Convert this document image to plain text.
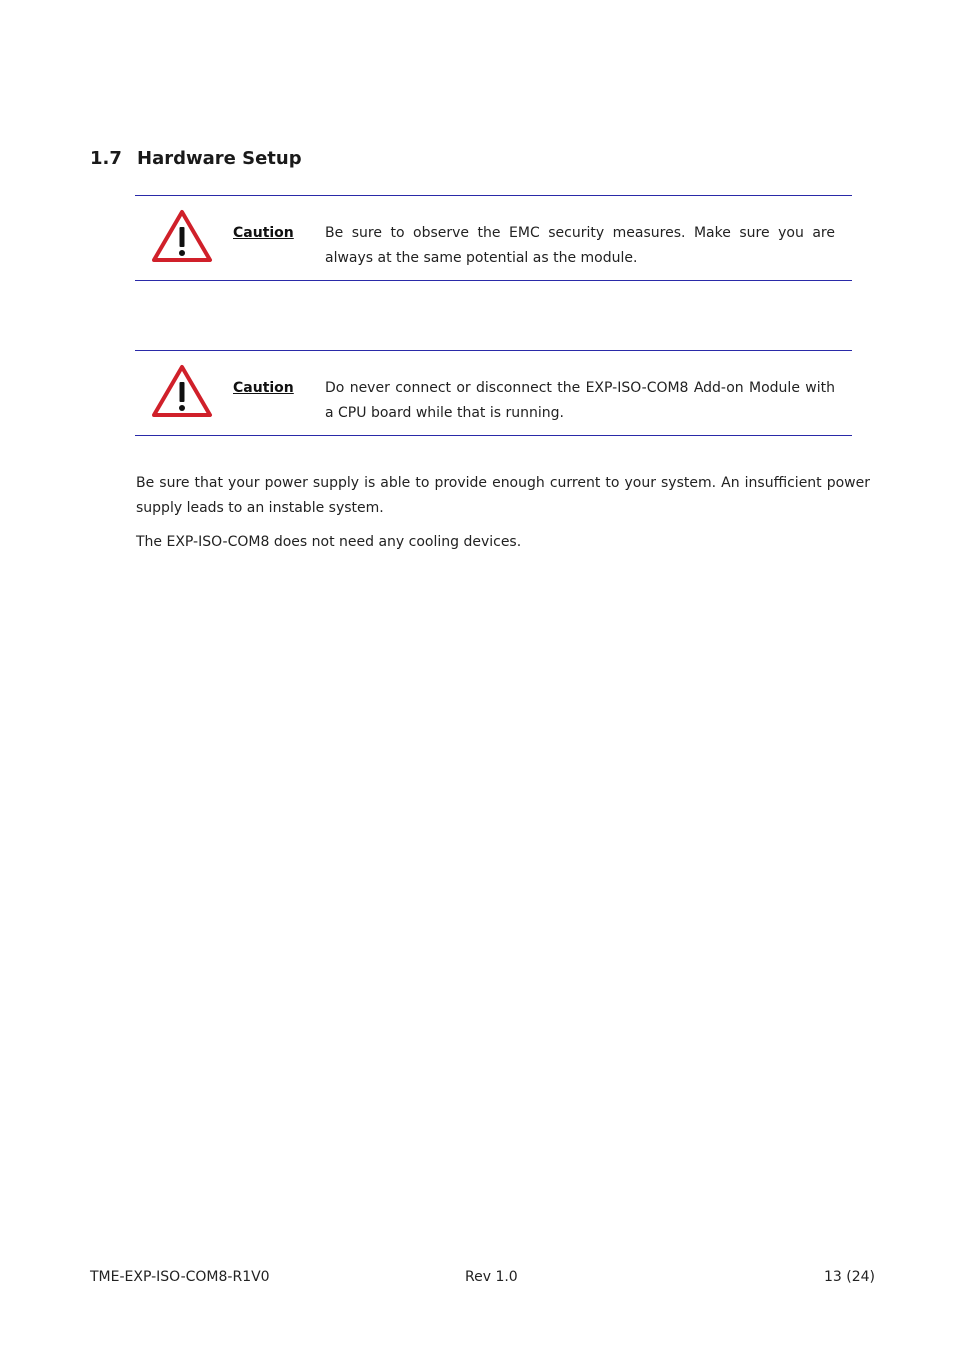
1.7 Hardware Setup
Caution Be sure to observe the EMC security measures. Make sure you are always at the same potential as the module.

Caution Do never connect or disconnect the EXP-ISO-COM8 Add-on Module with a CPU board while that is running.

Be sure that your power supply is able to provide enough current to your system. An insufficient power supply leads to an instable system.

The EXP-ISO-COM8 does not need any cooling devices.

TME-EXP-ISO-COM8-R1V0	Rev 1.0	13 (24)
